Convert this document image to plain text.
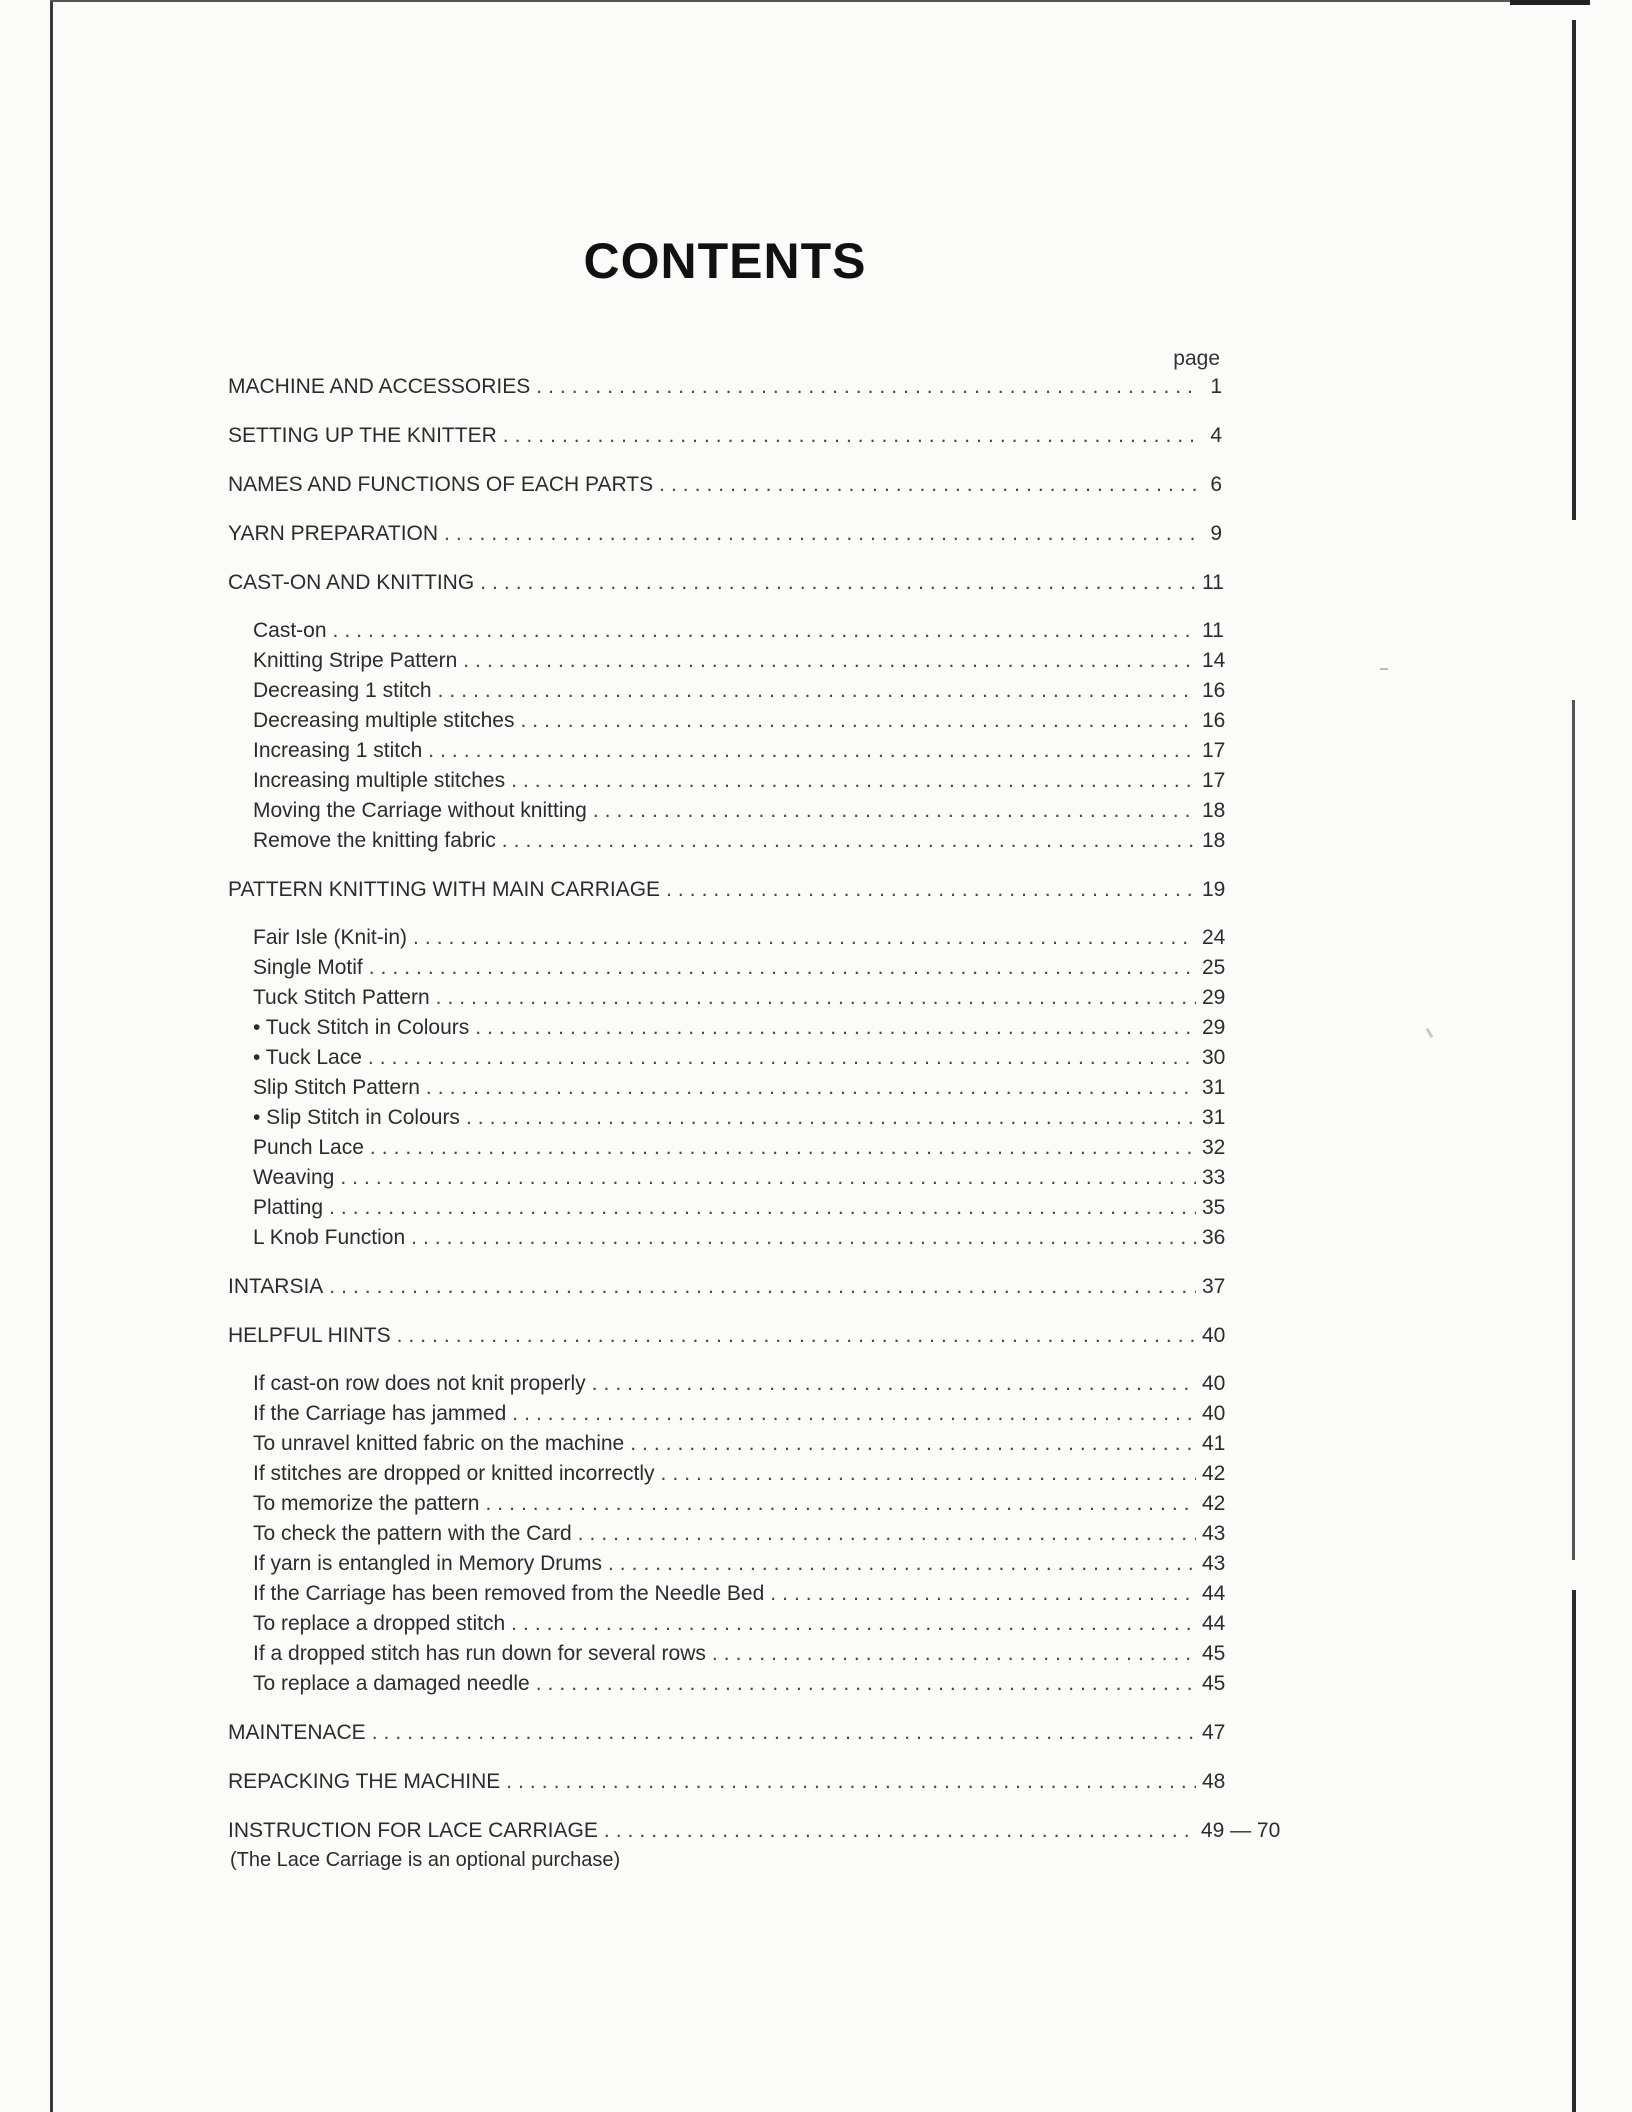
CONTENTS
page
MACHINE AND ACCESSORIES .....	1
SETTING UP THE KNITTER .....	4
NAMES AND FUNCTIONS OF EACH PARTS .....	6
YARN PREPARATION .....	9
CAST-ON AND KNITTING .....	11
Cast-on .....	11
Knitting Stripe Pattern .....	14
Decreasing 1 stitch .....	16
Decreasing multiple stitches .....	16
Increasing 1 stitch .....	17
Increasing multiple stitches .....	17
Moving the Carriage without knitting .....	18
Remove the knitting fabric .....	18
PATTERN KNITTING WITH MAIN CARRIAGE .....	19
Fair Isle (Knit-in) .....	24
Single Motif .....	25
Tuck Stitch Pattern .....	29
• Tuck Stitch in Colours .....	29
• Tuck Lace .....	30
Slip Stitch Pattern .....	31
• Slip Stitch in Colours .....	31
Punch Lace .....	32
Weaving .....	33
Platting .....	35
L Knob Function .....	36
INTARSIA .....	37
HELPFUL HINTS .....	40
If cast-on row does not knit properly .....	40
If the Carriage has jammed .....	40
To unravel knitted fabric on the machine .....	41
If stitches are dropped or knitted incorrectly .....	42
To memorize the pattern .....	42
To check the pattern with the Card .....	43
If yarn is entangled in Memory Drums .....	43
If the Carriage has been removed from the Needle Bed .....	44
To replace a dropped stitch .....	44
If a dropped stitch has run down for several rows .....	45
To replace a damaged needle .....	45
MAINTENACE .....	47
REPACKING THE MACHINE .....	48
INSTRUCTION FOR LACE CARRIAGE .....	49 — 70
(The Lace Carriage is an optional purchase)
